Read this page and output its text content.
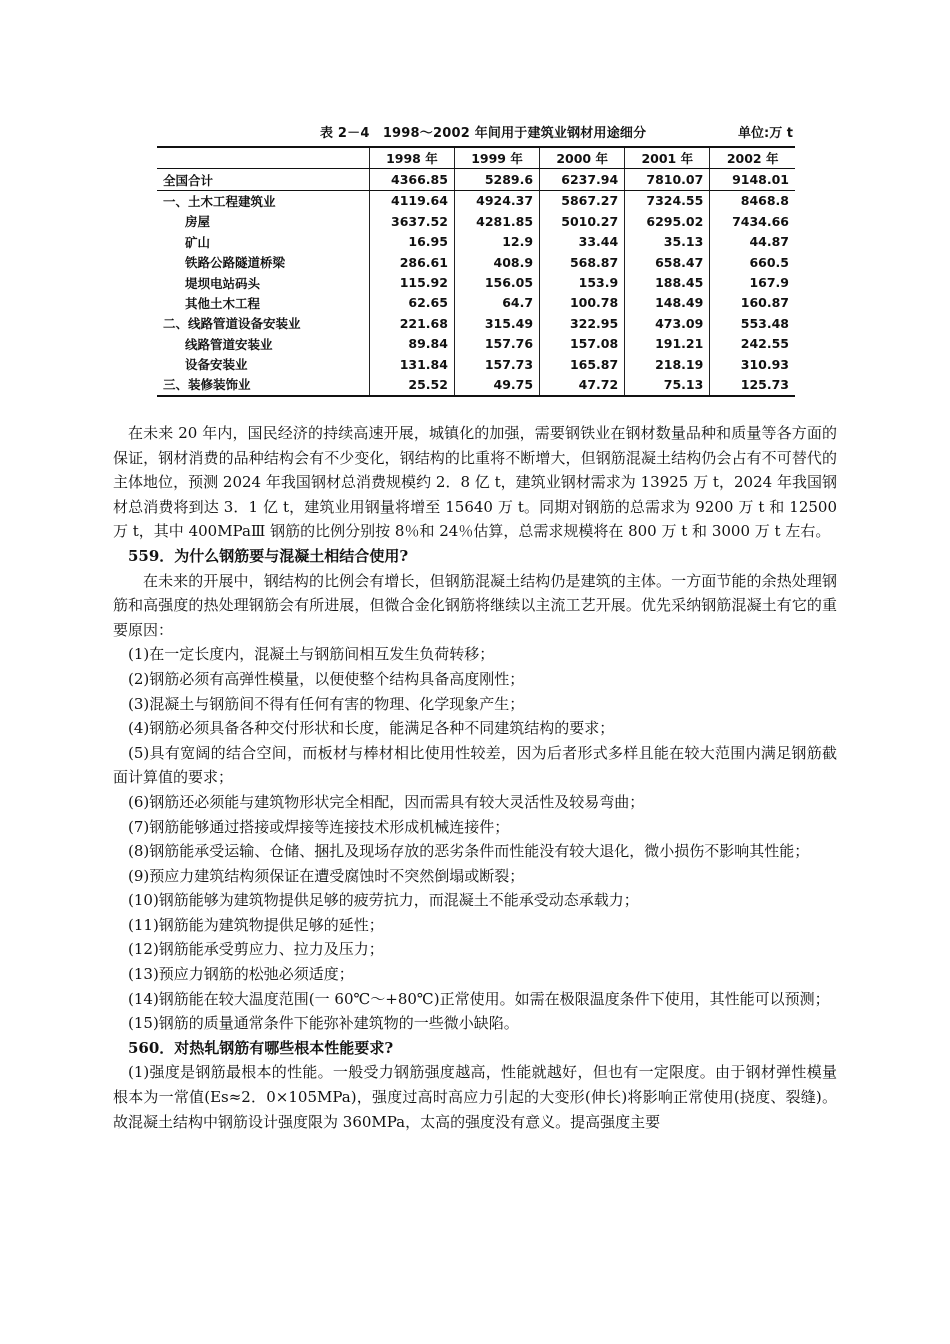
表 2－4　1998～2002 年间用于建筑业钢材用途细分	单位:万 t
	1998 年	1999 年	2000 年	2001 年	2002 年
全国合计	4366.85	5289.6	6237.94	7810.07	9148.01
一、土木工程建筑业	4119.64	4924.37	5867.27	7324.55	8468.8
房屋	3637.52	4281.85	5010.27	6295.02	7434.66
矿山	16.95	12.9	33.44	35.13	44.87
铁路公路隧道桥梁	286.61	408.9	568.87	658.47	660.5
堤坝电站码头	115.92	156.05	153.9	188.45	167.9
其他土木工程	62.65	64.7	100.78	148.49	160.87
二、线路管道设备安装业	221.68	315.49	322.95	473.09	553.48
线路管道安装业	89.84	157.76	157.08	191.21	242.55
设备安装业	131.84	157.73	165.87	218.19	310.93
三、装修装饰业	25.52	49.75	47.72	75.13	125.73

在未来 20 年内，国民经济的持续高速开展，城镇化的加强，需要钢铁业在钢材数量品种和质量等各方面的保证，钢材消费的品种结构会有不少变化，钢结构的比重将不断增大，但钢筋混凝土结构仍会占有不可替代的主体地位，预测 2024 年我国钢材总消费规模约 2．8 亿 t，建筑业钢材需求为 13925 万 t，2024 年我国钢材总消费将到达 3．1 亿 t，建筑业用钢量将增至 15640 万 t。同期对钢筋的总需求为 9200 万 t 和 12500 万 t，其中 400MPaⅢ 钢筋的比例分别按 8％和 24％估算，总需求规模将在 800 万 t 和 3000 万 t 左右。

559．为什么钢筋要与混凝土相结合使用?

在未来的开展中，钢结构的比例会有增长，但钢筋混凝土结构仍是建筑的主体。一方面节能的余热处理钢筋和高强度的热处理钢筋会有所进展，但微合金化钢筋将继续以主流工艺开展。优先采纳钢筋混凝土有它的重要原因：

(1)在一定长度内，混凝土与钢筋间相互发生负荷转移；

(2)钢筋必须有高弹性模量，以便使整个结构具备高度刚性；

(3)混凝土与钢筋间不得有任何有害的物理、化学现象产生；

(4)钢筋必须具备各种交付形状和长度，能满足各种不同建筑结构的要求；

(5)具有宽阔的结合空间，而板材与棒材相比使用性较差，因为后者形式多样且能在较大范围内满足钢筋截面计算值的要求；

(6)钢筋还必须能与建筑物形状完全相配，因而需具有较大灵活性及较易弯曲；

(7)钢筋能够通过搭接或焊接等连接技术形成机械连接件；

(8)钢筋能承受运输、仓储、捆扎及现场存放的恶劣条件而性能没有较大退化，微小损伤不影响其性能；

(9)预应力建筑结构须保证在遭受腐蚀时不突然倒塌或断裂；

(10)钢筋能够为建筑物提供足够的疲劳抗力，而混凝土不能承受动态承载力；

(11)钢筋能为建筑物提供足够的延性；

(12)钢筋能承受剪应力、拉力及压力；

(13)预应力钢筋的松弛必须适度；

(14)钢筋能在较大温度范围(一 60℃～+80℃)正常使用。如需在极限温度条件下使用，其性能可以预测；

(15)钢筋的质量通常条件下能弥补建筑物的一些微小缺陷。

560．对热轧钢筋有哪些根本性能要求?

(1)强度是钢筋最根本的性能。一般受力钢筋强度越高，性能就越好，但也有一定限度。由于钢材弹性模量根本为一常值(Es≈2．0×105MPa)，强度过高时高应力引起的大变形(伸长)将影响正常使用(挠度、裂缝)。故混凝土结构中钢筋设计强度限为 360MPa，太高的强度没有意义。提高强度主要
